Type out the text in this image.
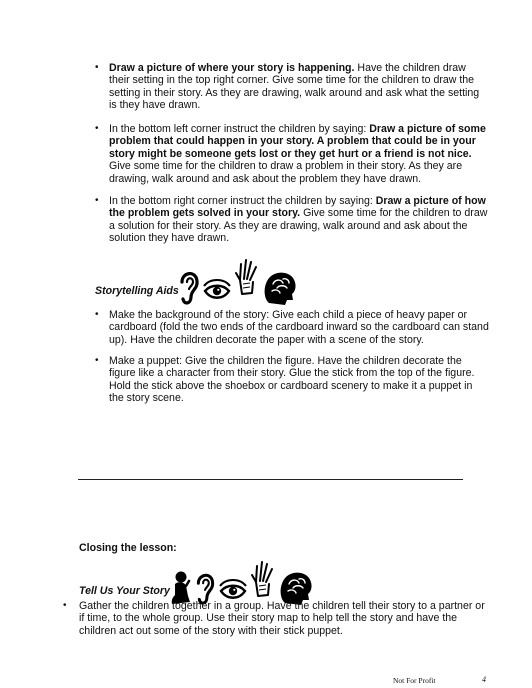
• Draw a picture of where your story is happening. Have the children draw their setting in the top right corner. Give some time for the children to draw the setting in their story. As they are drawing, walk around and ask what the setting is they have drawn.
• In the bottom left corner instruct the children by saying: Draw a picture of some problem that could happen in your story. A problem that could be in your story might be someone gets lost or they get hurt or a friend is not nice. Give some time for the children to draw a problem in their story. As they are drawing, walk around and ask about the problem they have drawn.
• In the bottom right corner instruct the children by saying: Draw a picture of how the problem gets solved in your story. Give some time for the children to draw a solution for their story. As they are drawing, walk around and ask about the solution they have drawn.
Storytelling Aids
• Make the background of the story: Give each child a piece of heavy paper or cardboard (fold the two ends of the cardboard inward so the cardboard can stand up). Have the children decorate the paper with a scene of the story.
• Make a puppet: Give the children the figure. Have the children decorate the figure like a character from their story. Glue the stick from the top of the figure. Hold the stick above the shoebox or cardboard scenery to make it a puppet in the story scene.
Closing the lesson:
Tell Us Your Story
• Gather the children together in a group. Have the children tell their story to a partner or if time, to the whole group. Use their story map to help tell the story and have the children act out some of the story with their stick puppet.
Not For Profit	4
